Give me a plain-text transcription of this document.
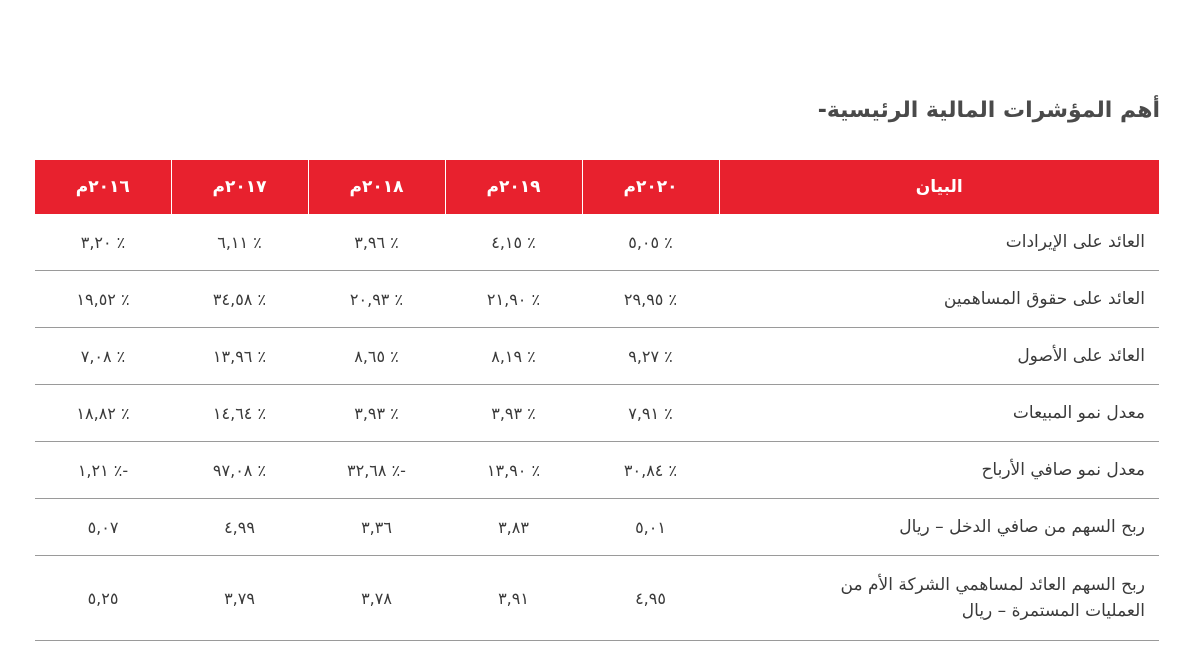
- أهم المؤشرات المالية الرئيسية
البيان	٢٠٢٠م	٢٠١٩م	٢٠١٨م	٢٠١٧م	٢٠١٦م
العائد على الإيرادات	٪ ٥,٠٥	٪ ٤,١٥	٪ ٣,٩٦	٪ ٦,١١	٪ ٣,٢٠
العائد على حقوق المساهمين	٪ ٢٩,٩٥	٪ ٢١,٩٠	٪ ٢٠,٩٣	٪ ٣٤,٥٨	٪ ١٩,٥٢
العائد على الأصول	٪ ٩,٢٧	٪ ٨,١٩	٪ ٨,٦٥	٪ ١٣,٩٦	٪ ٧,٠٨
معدل نمو المبيعات	٪ ٧,٩١	٪ ٣,٩٣	٪ ٣,٩٣	٪ ١٤,٦٤	٪ ١٨,٨٢
معدل نمو صافي الأرباح	٪ ٣٠,٨٤	٪ ١٣,٩٠	-٪ ٣٢,٦٨	٪ ٩٧,٠٨	-٪ ١,٢١
ربح السهم من صافي الدخل – ريال	٥,٠١	٣,٨٣	٣,٣٦	٤,٩٩	٥,٠٧
ربح السهم العائد لمساهمي الشركة الأم من
العمليات المستمرة – ريال	٤,٩٥	٣,٩١	٣,٧٨	٣,٧٩	٥,٢٥
